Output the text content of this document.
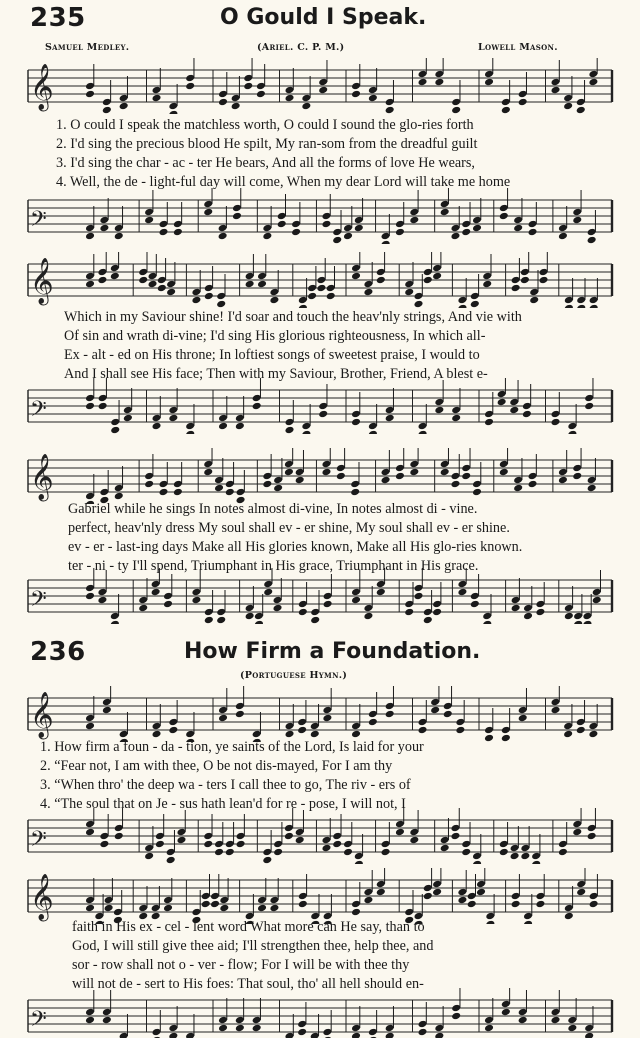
235	O Gould I Speak.
Samuel Medley.	(Ariel. C. P. M.)	Lowell Mason.
𝄞
1. O could I speak the matchless worth, O could I sound the glo-ries forth
2. I'd sing the precious blood He spilt, My ran-som from the dreadful guilt
3. I'd sing the char - ac - ter He bears, And all the forms of love He wears,
4. Well, the de - light-ful day will come, When my dear Lord will take me home
𝄢
𝄞
Which in my Saviour shine! I'd soar and touch the heav'nly strings, And vie with
Of sin and wrath di-vine; I'd sing His glorious righteousness, In which all-
Ex - alt - ed on His throne; In loftiest songs of sweetest praise, I would to
And I shall see His face; Then with my Saviour, Brother, Friend, A blest e-
𝄢
𝄞
Gabriel while he sings In notes almost di-vine, In notes almost di - vine.
perfect, heav'nly dress My soul shall ev - er shine, My soul shall ev - er shine.
ev - er - last-ing days Make all His glories known, Make all His glo-ries known.
ter - ni - ty I'll spend, Triumphant in His grace, Triumphant in His grace.
𝄢
236	How Firm a Foundation.
(Portuguese Hymn.)
𝄞
1. How firm a foun - da - tion, ye saints of the Lord, Is laid for your
2. “Fear not, I am with thee, O be not dis-mayed, For I am thy
3. “When thro' the deep wa - ters I call thee to go, The riv - ers of
4. “The soul that on Je - sus hath lean'd for re - pose, I will not, I
𝄢
𝄞
faith in His ex - cel - lent word What more can He say, than to
God, I will still give thee aid; I'll strengthen thee, help thee, and
sor - row shall not o - ver - flow; For I will be with thee thy
will not de - sert to His foes: That soul, tho' all hell should en-
𝄢
